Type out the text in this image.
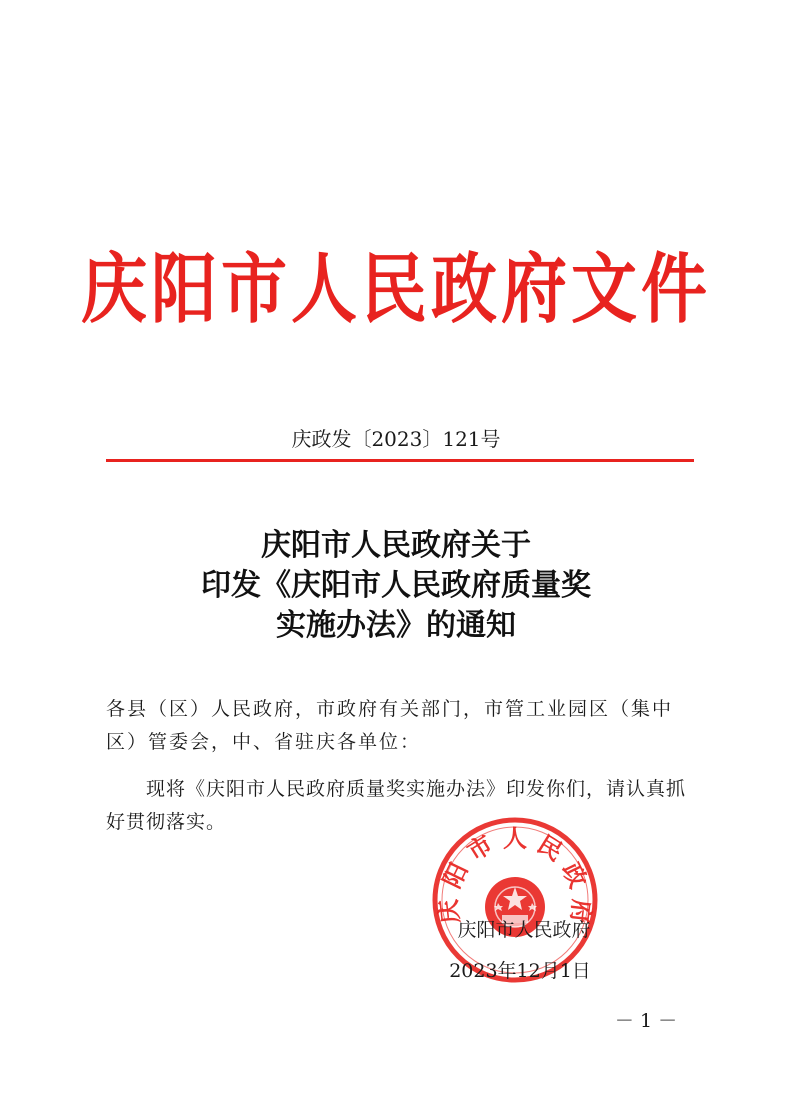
庆阳市人民政府文件
庆政发〔2023〕121号
庆阳市人民政府关于
印发《庆阳市人民政府质量奖
实施办法》的通知
各县（区）人民政府，市政府有关部门，市管工业园区（集中区）管委会，中、省驻庆各单位：
现将《庆阳市人民政府质量奖实施办法》印发你们，请认真抓好贯彻落实。
庆 阳 市 人 民 政 府
庆阳市人民政府
2023年12月1日
－ 1 －
